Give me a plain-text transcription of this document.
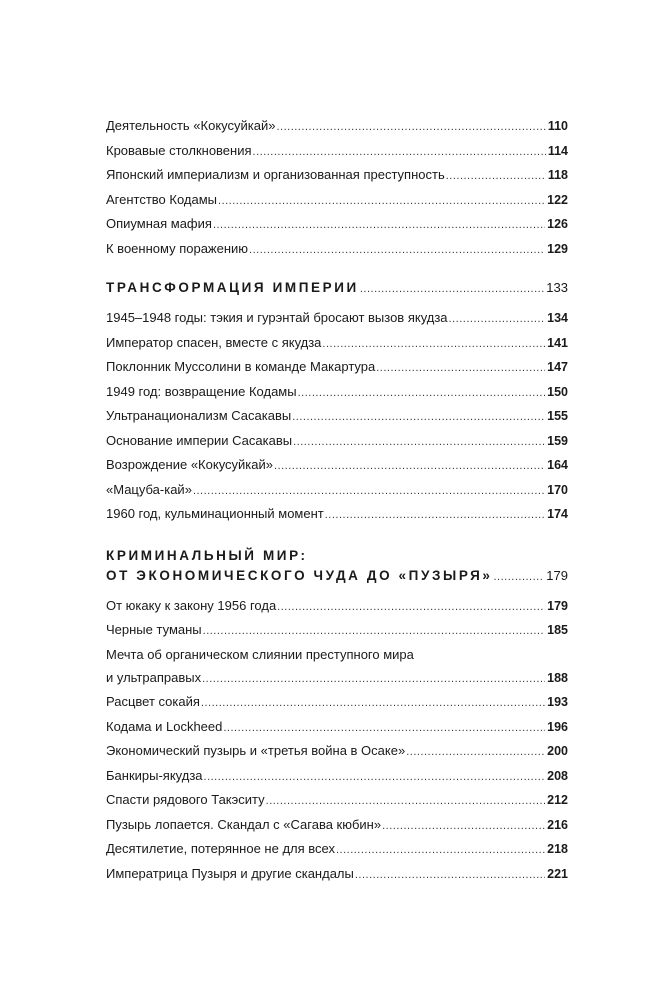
Деятельность «Кокусуйкай» .....	110
Кровавые столкновения .....	114
Японский империализм и организованная преступность .....	118
Агентство Кодамы .....	122
Опиумная мафия .....	126
К военному поражению .....	129
ТРАНСФОРМАЦИЯ ИМПЕРИИ .....	133
1945–1948 годы: тэкия и гурэнтай бросают вызов якудза .....	134
Император спасен, вместе с якудза .....	141
Поклонник Муссолини в команде Макартура .....	147
1949 год: возвращение Кодамы .....	150
Ультранационализм Сасакавы .....	155
Основание империи Сасакавы .....	159
Возрождение «Кокусуйкай» .....	164
«Мацуба-кай» .....	170
1960 год, кульминационный момент .....	174
КРИМИНАЛЬНЫЙ МИР:
ОТ ЭКОНОМИЧЕСКОГО ЧУДА ДО «ПУЗЫРЯ» .....	179
От юкаку к закону 1956 года .....	179
Черные туманы .....	185
Мечта об органическом слиянии преступного мира
и ультраправых .....	188
Расцвет сокайя .....	193
Кодама и Lockheed .....	196
Экономический пузырь и «третья война в Осаке» .....	200
Банкиры-якудза .....	208
Спасти рядового Такэситу .....	212
Пузырь лопается. Скандал с «Сагава кюбин» .....	216
Десятилетие, потерянное не для всех .....	218
Императрица Пузыря и другие скандалы .....	221
